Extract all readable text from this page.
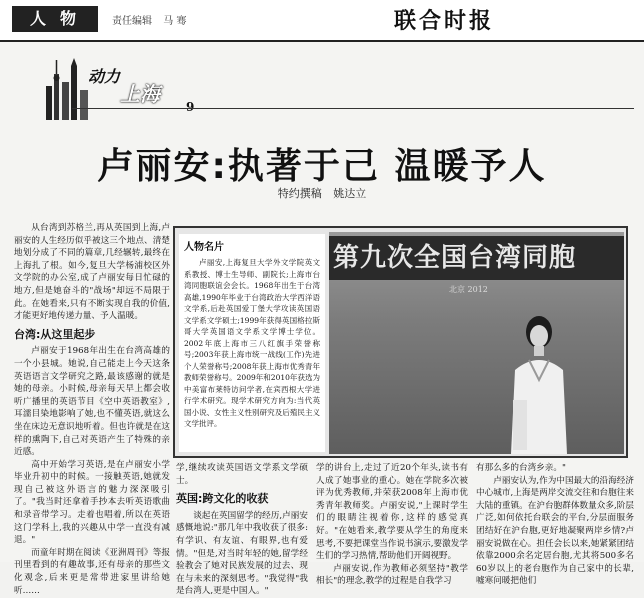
人物	责任编辑 马 骞	联合时报
动力
上海
9
卢丽安:执著于己 温暖予人
特约撰稿 姚达立

从台湾到苏格兰,再从英国到上海,卢丽安的人生经历似乎被这三个地点、清楚地划分成了不同的篇章,几经辗转,最终在上海扎了根。如今,复旦大学杨浦校区外文学院的办公室,成了卢丽安每日忙碌的地方,但是她奋斗的"战场"却远不局限于此。在她看来,只有不断实现自我的价值,才能更好地传递力量、予人温暖。

台湾:从这里起步

卢丽安于1968年出生在台湾高雄的一个小县城。她说,自己能走上今天这条英语语言文学研究之路,最该感谢的就是她的母亲。小时候,母亲每天早上都会收听广播里的英语节目《空中英语教室》,耳濡目染地影响了她,也不懂英语,就这么坐在床边无意识地听着。但也许就是在这样的熏陶下,自己对英语产生了特殊的亲近感。

高中开始学习英语,是在卢丽安小学毕业升初中的时候。一接触英语,她就发现自己被这外语言的魅力深深吸引了。"我当时还拿着手抄本去听英语歌曲和录音带学习。走着也唱着,所以在英语这门学科上,我的兴趣从中学一直没有减退。"

而童年时期在阅读《亚洲周刊》等报刊里看到的有趣故事,还有母亲的那些文化观念,后来更是常带进家里讲给她听……

人物名片

卢丽安,上海复旦大学外文学院英文系教授、博士生导师、副院长;上海市台湾同胞联谊会会长。1968年出生于台湾高雄,1990年毕业于台湾政治大学西洋语文学系,后赴英国爱丁堡大学攻读英国语文学系文学硕士;1999年获得英国格拉斯哥大学英国语文学系文学博士学位。2002年底上海市三八红旗手荣誉称号;2003年获上海市统一战线(工作)先进个人荣誉称号;2008年获上海市优秀青年教师荣誉称号。2009年和2010年获选为中美富布莱特访问学者,在宾西根大学进行学术研究。现学术研究方向为:当代英国小说、女性主义性别研究及后殖民主义文学批评。

第九次全国台湾同胞
北京 2012

学,继续攻读英国语文学系文学硕士。

英国:跨文化的收获

谈起在英国留学的经历,卢丽安感慨地说:"那几年中我收获了很多:有学识、有友谊、有眼界,也有爱情。"但是,对当时年轻的她,留学经验教会了她对民族发展的过去、现在与未来的深刻思考。"我觉得"我是台湾人,更是中国人。"

学的讲台上,走过了近20个年头,读书有人成了她事业的重心。她在学院多次被评为优秀教师,并荣获2008年上海市优秀青年教师奖。卢丽安说,"上课时学生们的眼睛注视着你,这样的感觉真好。"在她看来,教学要从学生的角度来思考,不要把课堂当作说书演示,要激发学生们的学习热情,帮助他们开阔视野。

卢丽安说,作为教师必须坚持"教学相长"的理念,教学的过程是自我学习

有那么多的台湾乡亲。"

卢丽安认为,作为中国最大的沿海经济中心城市,上海是两岸交流交往和台胞往来大陆的重镇。在沪台胞群体数量众多,阶层广泛,如何依托台联会的平台,分层面服务团结好在沪台胞,更好地凝聚两岸乡情?卢丽安说做在心。担任会长以来,她紧紧团结依靠2000余名定居台胞,尤其将500多名60岁以上的老台胞作为自己家中的长辈,嘘寒问暖把他们
